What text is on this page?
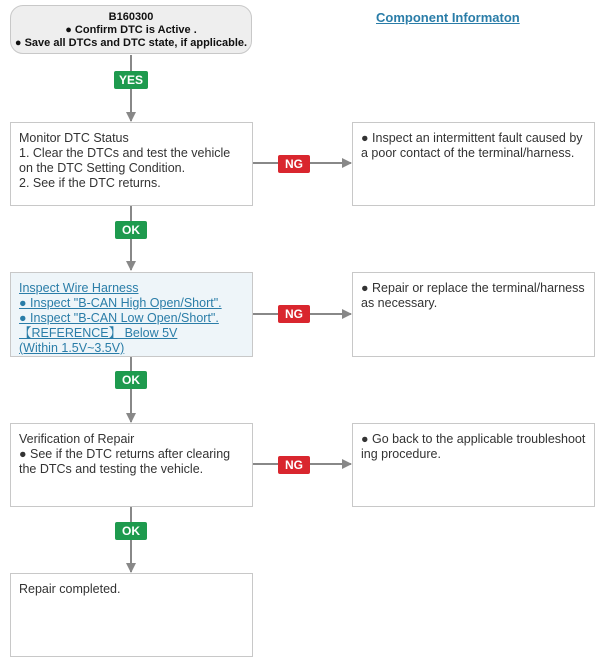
B160300
● Confirm DTC is Active .
● Save all DTCs and DTC state, if applicable.
Component Informaton
YES
OK
OK
OK
NG
NG
NG
Monitor DTC Status
1. Clear the DTCs and test the vehicle
on the DTC Setting Condition.
2. See if the DTC returns.
● Inspect an intermittent fault caused by
a poor contact of the terminal/harness.
Inspect Wire Harness
● Inspect "B-CAN High Open/Short".
● Inspect "B-CAN Low Open/Short".
【REFERENCE】 Below 5V
(Within 1.5V~3.5V)
● Repair or replace the terminal/harness
as necessary.
Verification of Repair
● See if the DTC returns after clearing
the DTCs and testing the vehicle.
● Go back to the applicable troubleshoot
ing procedure.
Repair completed.
